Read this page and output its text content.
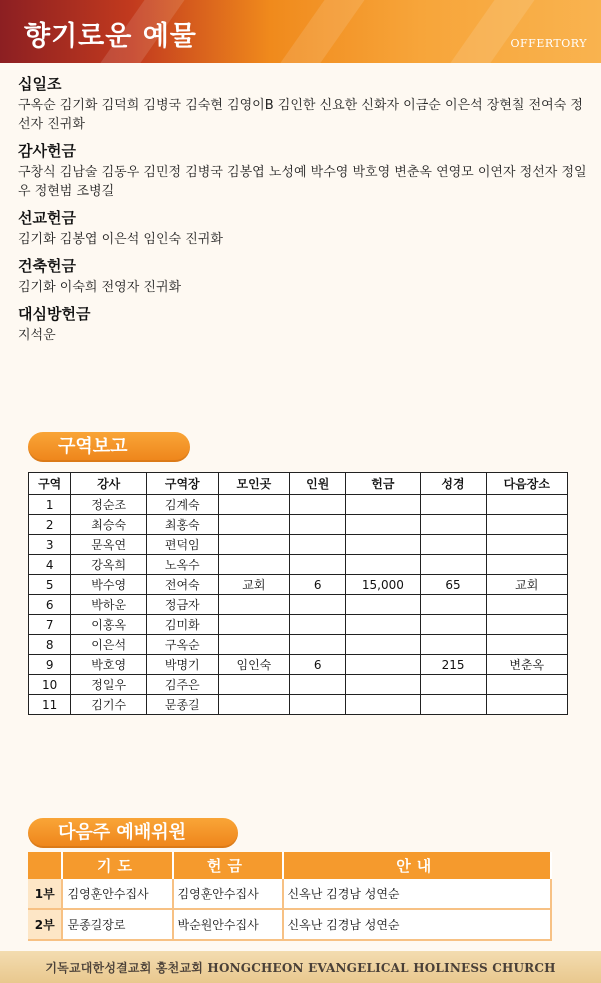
향기로운 예물	OFFERTORY
십일조
구옥순 김기화 김덕희 김병국 김숙현 김영이B 김인한 신요한 신화자 이금순 이은석 장현칠 전여숙 정선자 진귀화
감사헌금
구창식 김남술 김동우 김민정 김병국 김봉엽 노성예 박수영 박호영 변춘옥 연영모 이연자 정선자 정일우 정현범 조병길
선교헌금
김기화 김봉엽 이은석 임인숙 진귀화
건축헌금
김기화 이숙희 전영자 진귀화
대심방헌금
지석운
구역보고
구역	강사	구역장	모인곳	인원	헌금	성경	다음장소
1	정순조	김계숙					
2	최승숙	최홍숙					
3	문옥연	편덕임					
4	강옥희	노옥수					
5	박수영	전여숙	교회	6	15,000	65	교회
6	박하운	정금자					
7	이홍옥	김미화					
8	이은석	구옥순					
9	박호영	박명기	임인숙	6		215	변춘옥
10	정일우	김주은					
11	김기수	문종길					
다음주 예배위원
	기도	헌금	안내
1부	김영훈안수집사	김영훈안수집사	신옥난 김경남 성연순
2부	문종길장로	박순원안수집사	신옥난 김경남 성연순
기독교대한성결교회 홍천교회 HONGCHEON EVANGELICAL HOLINESS CHURCH
